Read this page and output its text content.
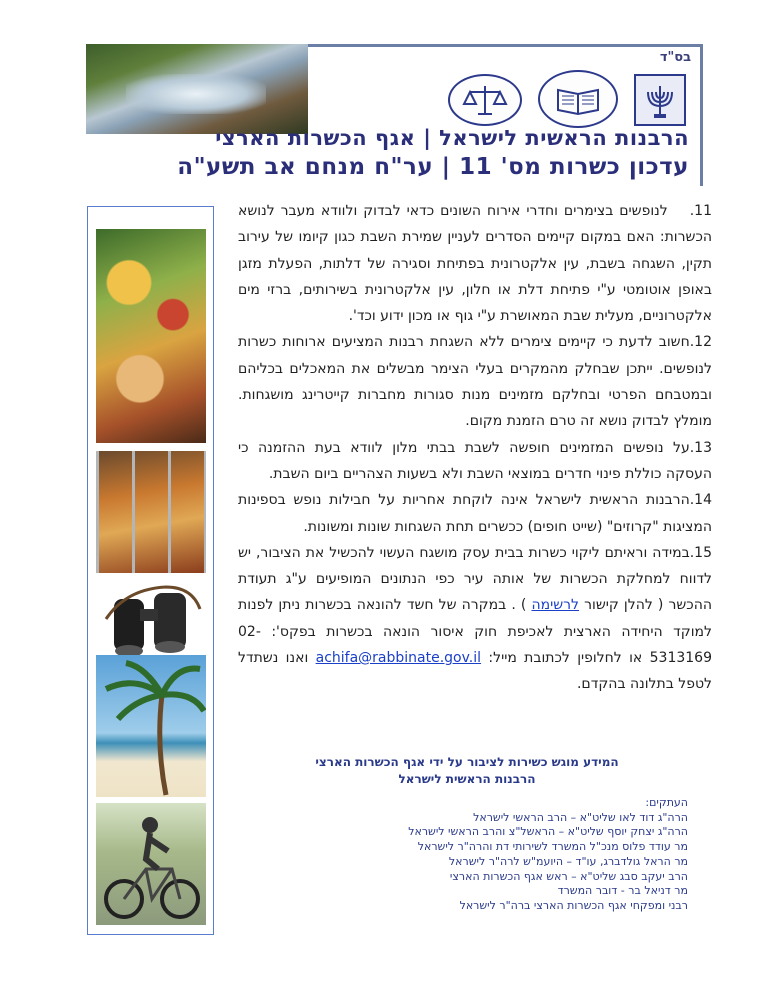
בס"ד
הרבנות הראשית לישראל | אגף הכשרות הארצי
עדכון כשרות מס' 11 | ער"ח מנחם אב תשע"ה

11.לנופשים בצימרים וחדרי אירוח השונים כדאי לבדוק ולוודא מעבר לנושא הכשרות: האם במקום קיימים הסדרים לעניין שמירת השבת כגון קיומו של עירוב תקין, השגחה בשבת, עין אלקטרונית בפתיחת וסגירה של דלתות, הפעלת מזגן באופן אוטומטי ע"י פתיחת דלת או חלון, עין אלקטרונית בשירותים, ברזי מים אלקטרוניים, מעלית שבת המאושרת ע"י גוף או מכון ידוע וכד'.

12.חשוב לדעת כי קיימים צימרים ללא השגחת רבנות המציעים ארוחות כשרות לנופשים. ייתכן שבחלק מהמקרים בעלי הצימר מבשלים את המאכלים בכליהם ובמטבחם הפרטי ובחלקם מזמינים מנות סגורות מחברות קייטרינג מושגחות. מומלץ לבדוק נושא זה טרם הזמנת מקום.

13.על נופשים המזמינים חופשה לשבת בבתי מלון לוודא בעת ההזמנה כי העסקה כוללת פינוי חדרים במוצאי השבת ולא בשעות הצהריים ביום השבת.

14.הרבנות הראשית לישראל אינה לוקחת אחריות על חבילות נופש בספינות המציגות "קרוזים" (שייט חופים) ככשרים תחת השגחות שונות ומשונות.

15.במידה וראיתם ליקוי כשרות בבית עסק מושגח העשוי להכשיל את הציבור, יש לדווח למחלקת הכשרות של אותה עיר כפי הנתונים המופיעים ע"ג תעודת ההכשר ( להלן קישור לרשימה ) . במקרה של חשד להונאה בכשרות ניתן לפנות למוקד היחידה הארצית לאכיפת חוק איסור הונאה בכשרות בפקס': 02-5313169 או לחלופין לכתובת מייל: achifa@rabbinate.gov.il ואנו נשתדל לטפל בתלונה בהקדם.

המידע מוגש כשירות לציבור על ידי אגף הכשרות הארצי
הרבנות הראשית לישראל
העתקים:
הרה"ג דוד לאו שליט"א – הרב הראשי לישראל
הרה"ג יצחק יוסף שליט"א – הראשל"צ והרב הראשי לישראל
מר עודד פלוס מנכ"ל המשרד לשירותי דת והרה"ר לישראל
מר הראל גולדברג, עו"ד – היועמ"ש לרה"ר לישראל
הרב יעקב סבג שליט"א – ראש אגף הכשרות הארצי
מר דניאל בר - דובר המשרד
רבני ומפקחי אגף הכשרות הארצי ברה"ר לישראל
